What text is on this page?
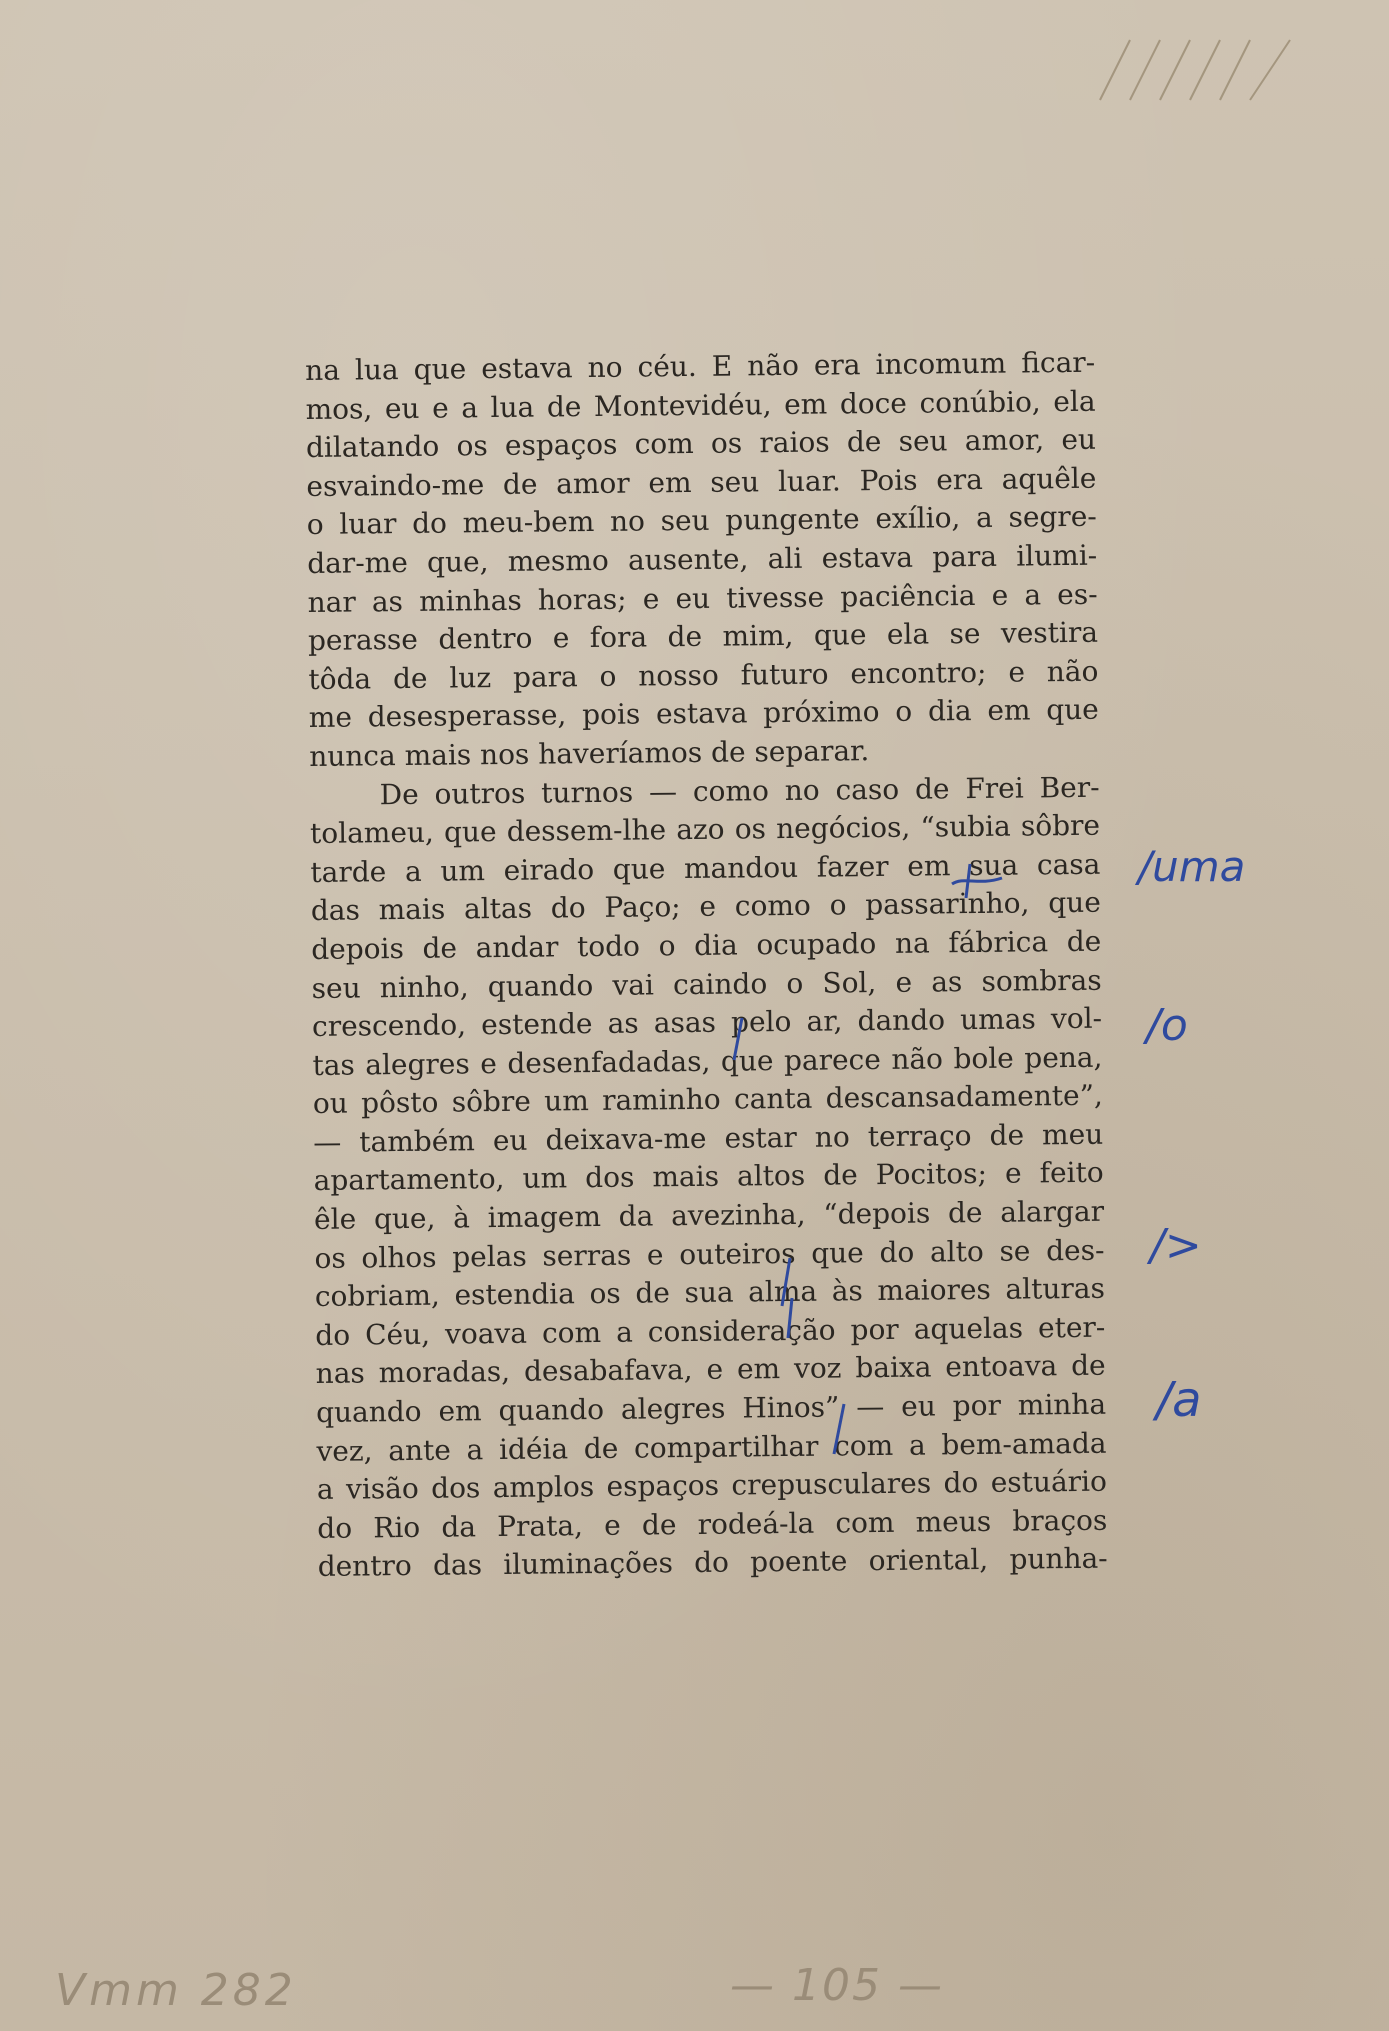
na lua que estava no céu. E não era incomum ficar-
mos, eu e a lua de Montevidéu, em doce conúbio, ela
dilatando os espaços com os raios de seu amor, eu
esvaindo-me de amor em seu luar. Pois era aquêle
o luar do meu-bem no seu pungente exílio, a segre-
dar-me que, mesmo ausente, ali estava para ilumi-
nar as minhas horas; e eu tivesse paciência e a es-
perasse dentro e fora de mim, que ela se vestira
tôda de luz para o nosso futuro encontro; e não
me desesperasse, pois estava próximo o dia em que
nunca mais nos haveríamos de separar.
De outros turnos — como no caso de Frei Ber-
tolameu, que dessem-lhe azo os negócios, “subia sôbre
tarde a um eirado que mandou fazer em sua casa
das mais altas do Paço; e como o passarinho, que
depois de andar todo o dia ocupado na fábrica de
seu ninho, quando vai caindo o Sol, e as sombras
crescendo, estende as asas pelo ar, dando umas vol-
tas alegres e desenfadadas, que parece não bole pena,
ou pôsto sôbre um raminho canta descansadamente”,
— também eu deixava-me estar no terraço de meu
apartamento, um dos mais altos de Pocitos; e feito
êle que, à imagem da avezinha, “depois de alargar
os olhos pelas serras e outeiros que do alto se des-
cobriam, estendia os de sua alma às maiores alturas
do Céu, voava com a consideração por aquelas eter-
nas moradas, desabafava, e em voz baixa entoava de
quando em quando alegres Hinos” — eu por minha
vez, ante a idéia de compartilhar com a bem-amada
a visão dos amplos espaços crepusculares do estuário
do Rio da Prata, e de rodeá-la com meus braços
dentro das iluminações do poente oriental, punha-
/uma
/o
/>
/a
Vmm 282	— 105 —
